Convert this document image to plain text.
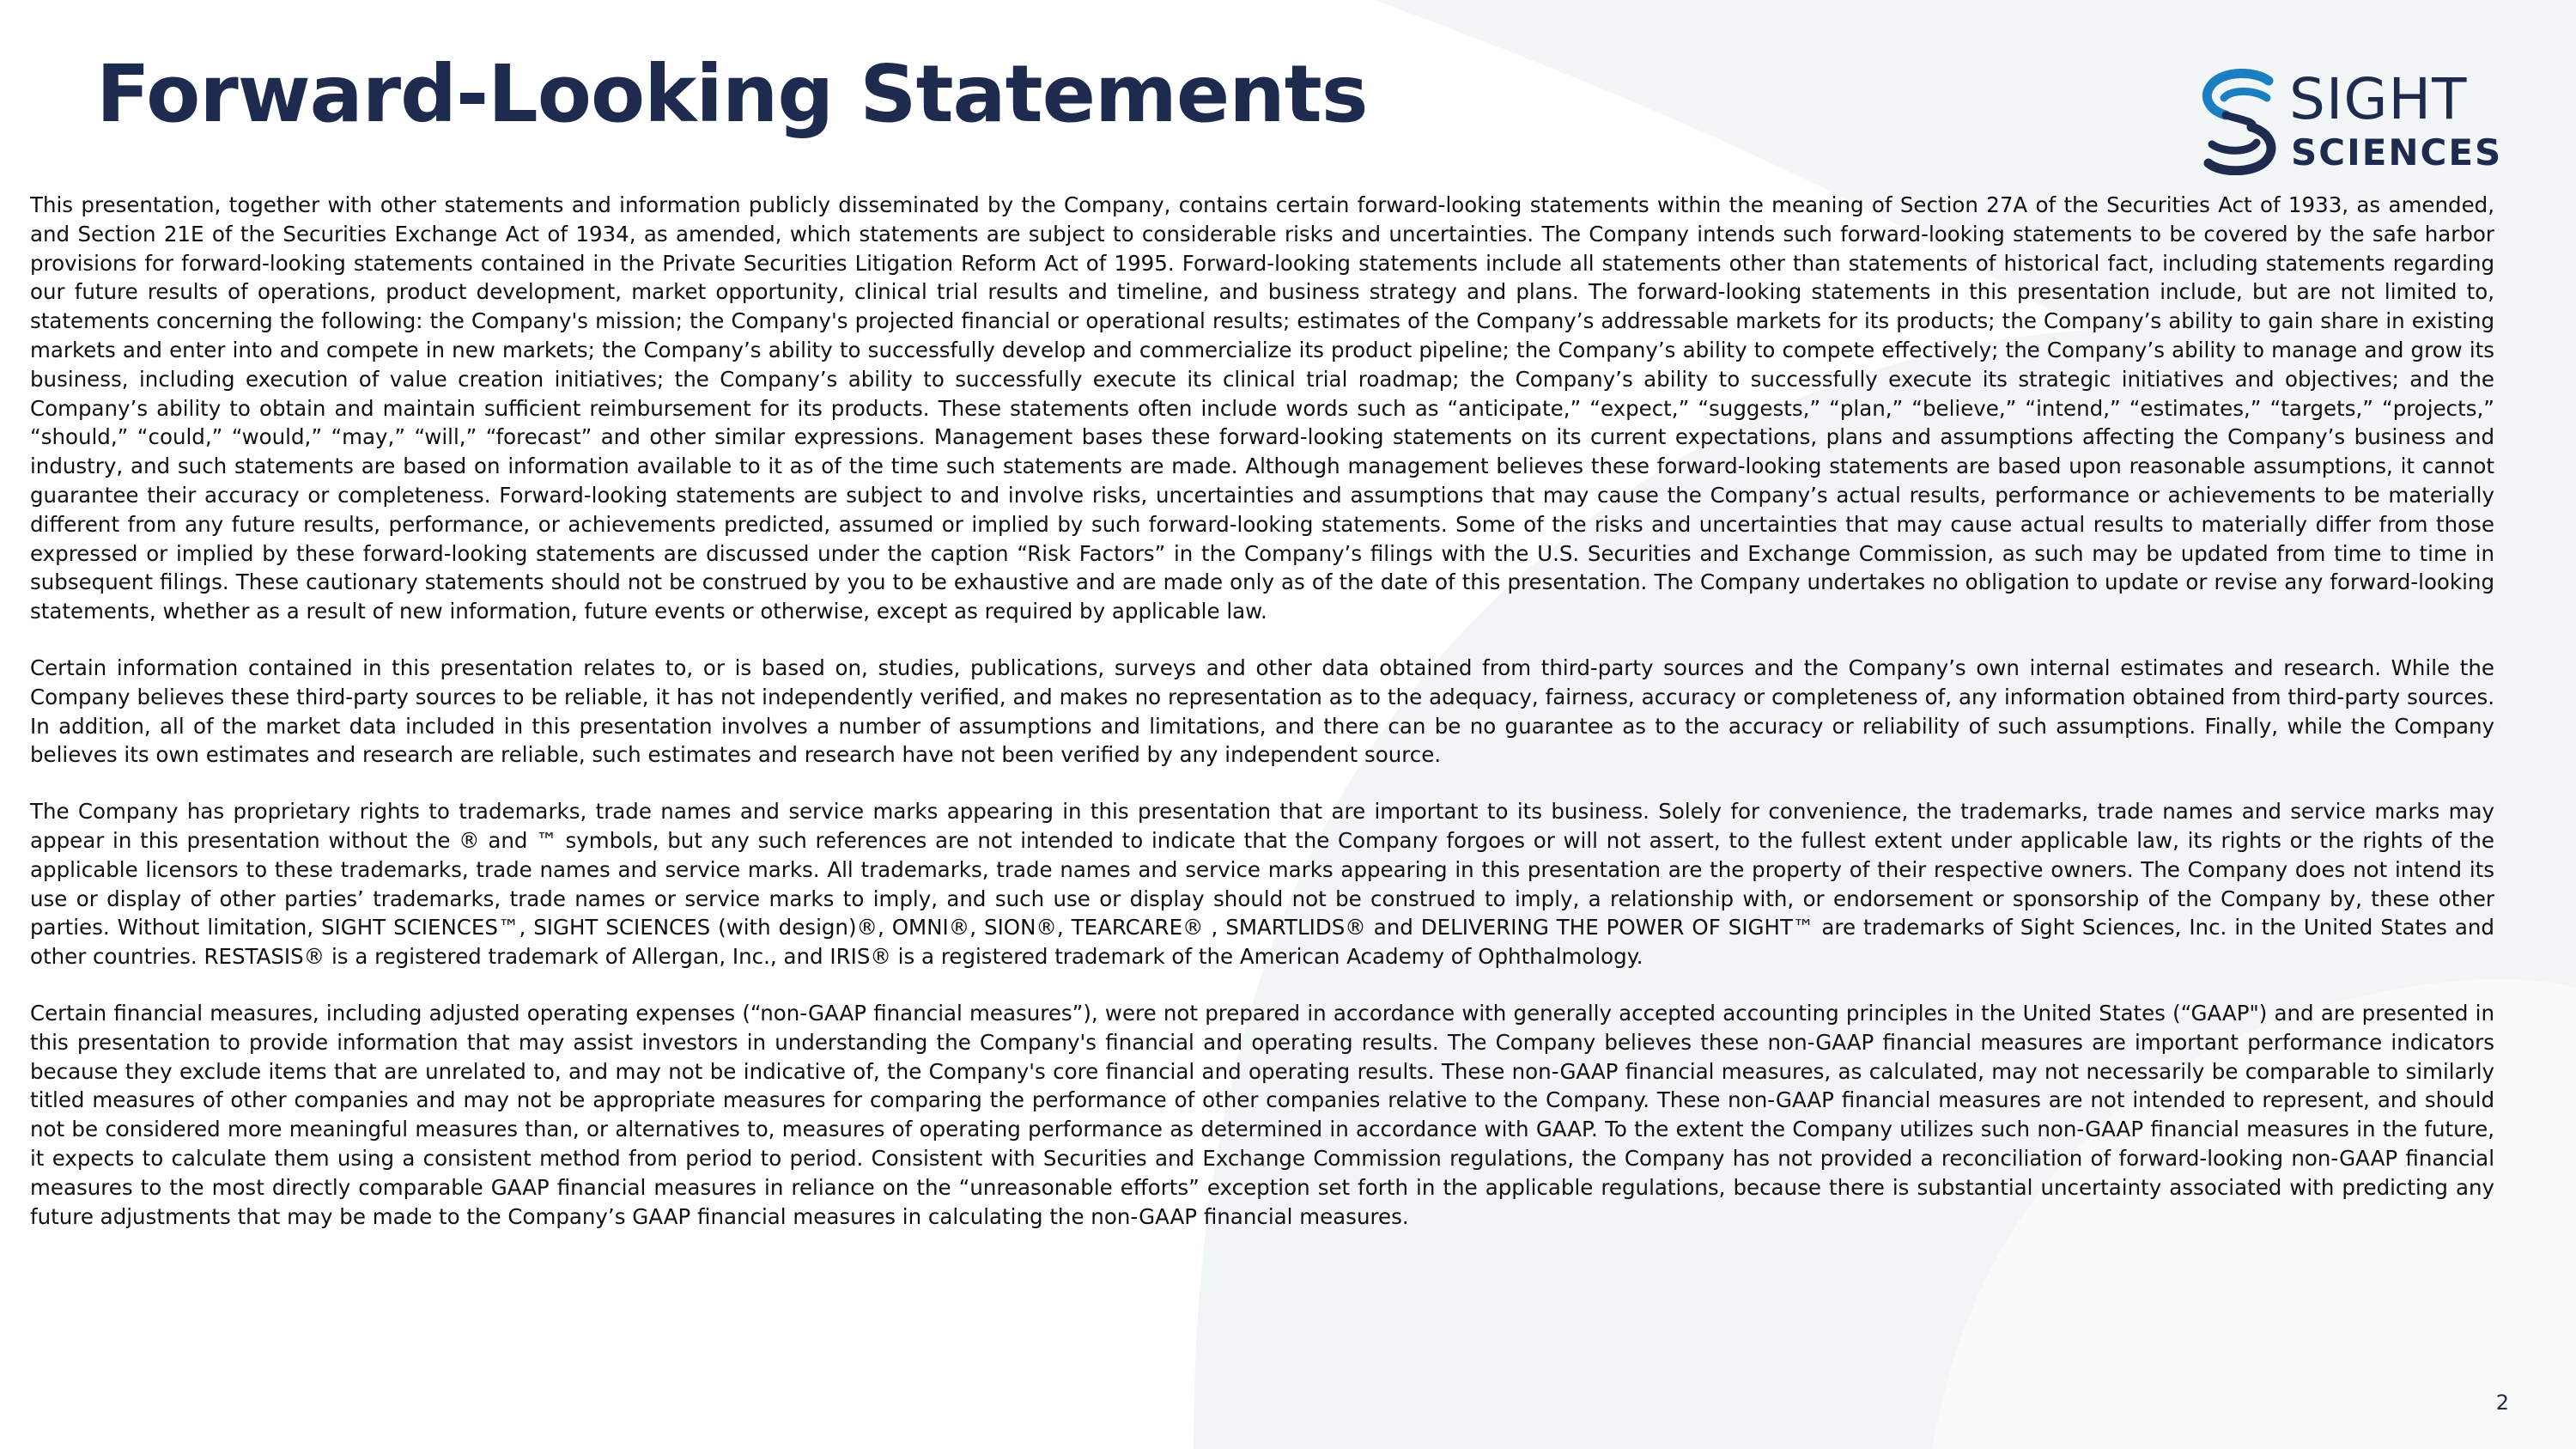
Forward-Looking Statements	SIGHT
SCIENCES

This presentation, together with other statements and information publicly disseminated by the Company, contains certain forward-looking statements within the meaning of Section 27A of the Securities Act of 1933, as amended, and Section 21E of the Securities Exchange Act of 1934, as amended, which statements are subject to considerable risks and uncertainties. The Company intends such forward-looking statements to be covered by the safe harbor provisions for forward-looking statements contained in the Private Securities Litigation Reform Act of 1995. Forward-looking statements include all statements other than statements of historical fact, including statements regarding our future results of operations, product development, market opportunity, clinical trial results and timeline, and business strategy and plans. The forward-looking statements in this presentation include, but are not limited to, statements concerning the following: the Company's mission; the Company's projected financial or operational results; estimates of the Company’s addressable markets for its products; the Company’s ability to gain share in existing markets and enter into and compete in new markets; the Company’s ability to successfully develop and commercialize its product pipeline; the Company’s ability to compete effectively; the Company’s ability to manage and grow its business, including execution of value creation initiatives; the Company’s ability to successfully execute its clinical trial roadmap; the Company’s ability to successfully execute its strategic initiatives and objectives; and the Company’s ability to obtain and maintain sufficient reimbursement for its products. These statements often include words such as “anticipate,” “expect,” “suggests,” “plan,” “believe,” “intend,” “estimates,” “targets,” “projects,” “should,” “could,” “would,” “may,” “will,” “forecast” and other similar expressions. Management bases these forward-looking statements on its current expectations, plans and assumptions affecting the Company’s business and industry, and such statements are based on information available to it as of the time such statements are made. Although management believes these forward-looking statements are based upon reasonable assumptions, it cannot guarantee their accuracy or completeness. Forward-looking statements are subject to and involve risks, uncertainties and assumptions that may cause the Company’s actual results, performance or achievements to be materially different from any future results, performance, or achievements predicted, assumed or implied by such forward-looking statements. Some of the risks and uncertainties that may cause actual results to materially differ from those expressed or implied by these forward-looking statements are discussed under the caption “Risk Factors” in the Company’s filings with the U.S. Securities and Exchange Commission, as such may be updated from time to time in subsequent filings. These cautionary statements should not be construed by you to be exhaustive and are made only as of the date of this presentation. The Company undertakes no obligation to update or revise any forward-looking statements, whether as a result of new information, future events or otherwise, except as required by applicable law.

Certain information contained in this presentation relates to, or is based on, studies, publications, surveys and other data obtained from third-party sources and the Company’s own internal estimates and research. While the Company believes these third-party sources to be reliable, it has not independently verified, and makes no representation as to the adequacy, fairness, accuracy or completeness of, any information obtained from third-party sources. In addition, all of the market data included in this presentation involves a number of assumptions and limitations, and there can be no guarantee as to the accuracy or reliability of such assumptions. Finally, while the Company believes its own estimates and research are reliable, such estimates and research have not been verified by any independent source.

The Company has proprietary rights to trademarks, trade names and service marks appearing in this presentation that are important to its business. Solely for convenience, the trademarks, trade names and service marks may appear in this presentation without the ® and ™ symbols, but any such references are not intended to indicate that the Company forgoes or will not assert, to the fullest extent under applicable law, its rights or the rights of the applicable licensors to these trademarks, trade names and service marks. All trademarks, trade names and service marks appearing in this presentation are the property of their respective owners. The Company does not intend its use or display of other parties’ trademarks, trade names or service marks to imply, and such use or display should not be construed to imply, a relationship with, or endorsement or sponsorship of the Company by, these other parties. Without limitation, SIGHT SCIENCES™, SIGHT SCIENCES (with design)®, OMNI®, SION®, TEARCARE® , SMARTLIDS® and DELIVERING THE POWER OF SIGHT™ are trademarks of Sight Sciences, Inc. in the United States and other countries. RESTASIS® is a registered trademark of Allergan, Inc., and IRIS® is a registered trademark of the American Academy of Ophthalmology.

Certain financial measures, including adjusted operating expenses (“non-GAAP financial measures”), were not prepared in accordance with generally accepted accounting principles in the United States (“GAAP") and are presented in this presentation to provide information that may assist investors in understanding the Company's financial and operating results. The Company believes these non-GAAP financial measures are important performance indicators because they exclude items that are unrelated to, and may not be indicative of, the Company's core financial and operating results. These non-GAAP financial measures, as calculated, may not necessarily be comparable to similarly titled measures of other companies and may not be appropriate measures for comparing the performance of other companies relative to the Company. These non-GAAP financial measures are not intended to represent, and should not be considered more meaningful measures than, or alternatives to, measures of operating performance as determined in accordance with GAAP. To the extent the Company utilizes such non-GAAP financial measures in the future, it expects to calculate them using a consistent method from period to period. Consistent with Securities and Exchange Commission regulations, the Company has not provided a reconciliation of forward-looking non-GAAP financial measures to the most directly comparable GAAP financial measures in reliance on the “unreasonable efforts” exception set forth in the applicable regulations, because there is substantial uncertainty associated with predicting any future adjustments that may be made to the Company’s GAAP financial measures in calculating the non-GAAP financial measures.

2
